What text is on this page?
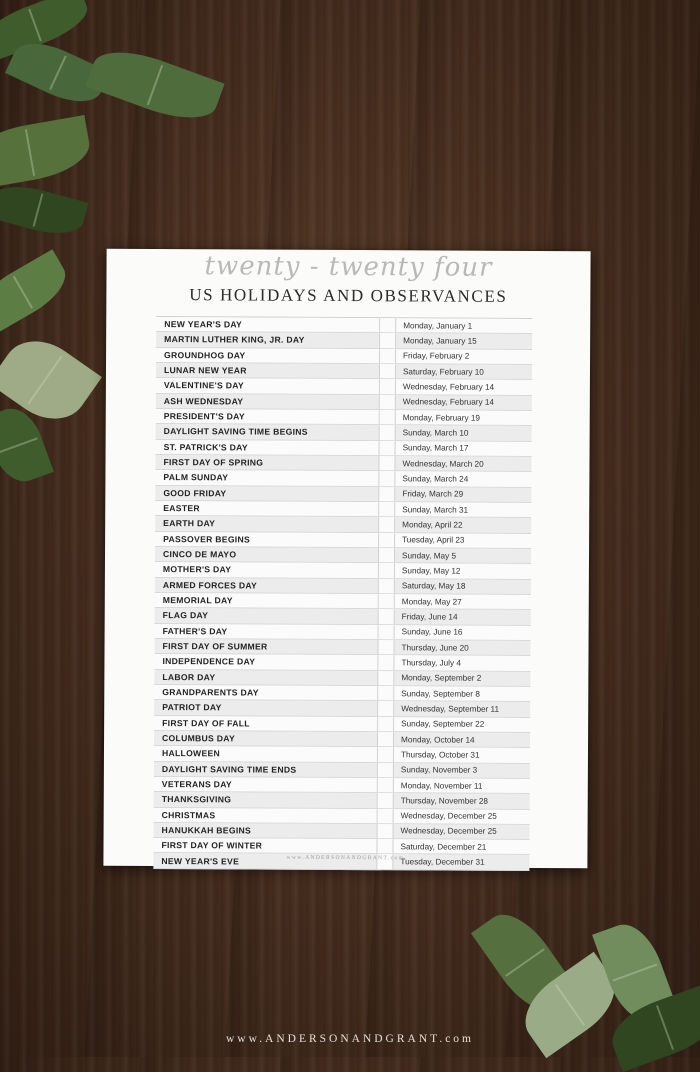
twenty - twenty four
US HOLIDAYS AND OBSERVANCES
NEW YEAR'S DAY	Monday, January 1
MARTIN LUTHER KING, JR. DAY	Monday, January 15
GROUNDHOG DAY	Friday, February 2
LUNAR NEW YEAR	Saturday, February 10
VALENTINE'S DAY	Wednesday, February 14
ASH WEDNESDAY	Wednesday, February 14
PRESIDENT'S DAY	Monday, February 19
DAYLIGHT SAVING TIME BEGINS	Sunday, March 10
ST. PATRICK'S DAY	Sunday, March 17
FIRST DAY OF SPRING	Wednesday, March 20
PALM SUNDAY	Sunday, March 24
GOOD FRIDAY	Friday, March 29
EASTER	Sunday, March 31
EARTH DAY	Monday, April 22
PASSOVER BEGINS	Tuesday, April 23
CINCO DE MAYO	Sunday, May 5
MOTHER'S DAY	Sunday, May 12
ARMED FORCES DAY	Saturday, May 18
MEMORIAL DAY	Monday, May 27
FLAG DAY	Friday, June 14
FATHER'S DAY	Sunday, June 16
FIRST DAY OF SUMMER	Thursday, June 20
INDEPENDENCE DAY	Thursday, July 4
LABOR DAY	Monday, September 2
GRANDPARENTS DAY	Sunday, September 8
PATRIOT DAY	Wednesday, September 11
FIRST DAY OF FALL	Sunday, September 22
COLUMBUS DAY	Monday, October 14
HALLOWEEN	Thursday, October 31
DAYLIGHT SAVING TIME ENDS	Sunday, November 3
VETERANS DAY	Monday, November 11
THANKSGIVING	Thursday, November 28
CHRISTMAS	Wednesday, December 25
HANUKKAH BEGINS	Wednesday, December 25
FIRST DAY OF WINTER	Saturday, December 21
NEW YEAR'S EVE	Tuesday, December 31
www.ANDERSONANDGRANT.com
www.ANDERSONANDGRANT.com
